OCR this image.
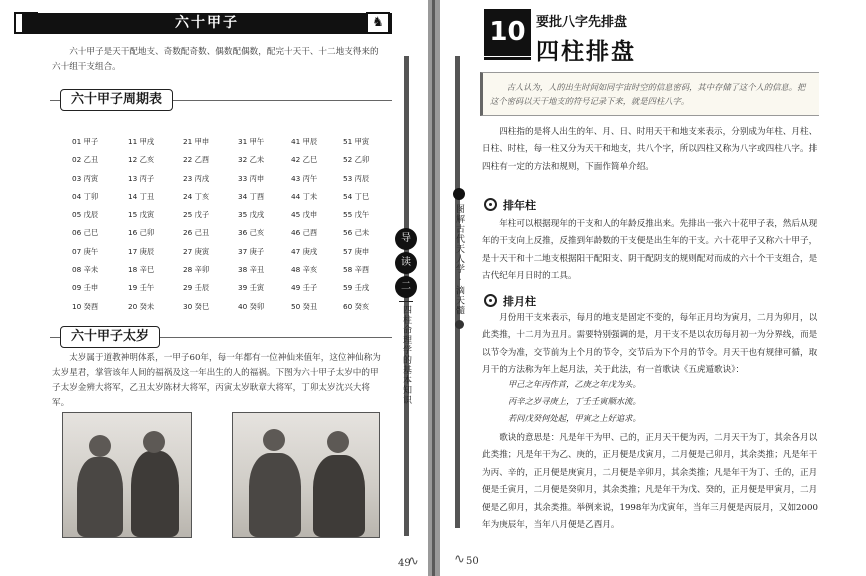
六十甲子	♞
六十甲子是天干配地支、奇数配奇数、偶数配偶数，配完十天干、十二地支得来的六十组干支组合。
六十甲子周期表
01 甲子
02 乙丑
03 丙寅
04 丁卯
05 戊辰
06 己巳
07 庚午
08 辛未
09 壬申
10 癸酉
11 甲戌
12 乙亥
13 丙子
14 丁丑
15 戊寅
16 己卯
17 庚辰
18 辛巳
19 壬午
20 癸未
21 甲申
22 乙酉
23 丙戌
24 丁亥
25 戊子
26 己丑
27 庚寅
28 辛卯
29 壬辰
30 癸巳
31 甲午
32 乙未
33 丙申
34 丁酉
35 戊戌
36 己亥
37 庚子
38 辛丑
39 壬寅
40 癸卯
41 甲辰
42 乙巳
43 丙午
44 丁未
45 戊申
46 己酉
47 庚戌
48 辛亥
49 壬子
50 癸丑
51 甲寅
52 乙卯
53 丙辰
54 丁巳
55 戊午
56 己未
57 庚申
58 辛酉
59 壬戌
60 癸亥
六十甲子太岁
太岁属于道教神明体系，一甲子60年，每一年都有一位神仙来值年，这位神仙称为太岁星君，掌管该年人间的福祸及这一年出生的人的福祸。下图为六十甲子太岁中的甲子太岁金辨大将军，乙丑太岁陈材大将军，丙寅太岁耿章大将军，丁卯太岁沈兴大将军。
导
读
二
四柱命理学的基本知识
49
∿
10 要批八字先排盘
四柱排盘
古人认为，人的出生时间如同宇宙时空的信息密码，其中存储了这个人的信息。把这个密码以天干地支的符号记录下来，就是四柱八字。
图解古代天人学 · 滴天髓
四柱指的是将人出生的年、月、日、时用天干和地支来表示，分别成为年柱、月柱、日柱、时柱，每一柱又分为天干和地支，共八个字，所以四柱又称为八字或四柱八字。排四柱有一定的方法和规则，下面作简单介绍。
排年柱
年柱可以根据现年的干支和人的年龄反推出来。先排出一张六十花甲子表，然后从现年的干支向上反推，反推到年龄数的干支便是出生年的干支。六十花甲子又称六十甲子，是十天干和十二地支根据阳干配阳支、阴干配阴支的规则配对而成的六十个干支组合，是古代纪年月日时的工具。
排月柱
月份用干支来表示，每月的地支是固定不变的，每年正月均为寅月，二月为卯月，以此类推，十二月为丑月。需要特别强调的是，月干支不是以农历每月初一为分界线，而是以节令为准，交节前为上个月的节令，交节后为下个月的节令。月天干也有规律可循，取月干的方法称为年上起月法，关于此法，有一首歌诀《五虎遁歌诀》：
甲己之年丙作首，乙庚之年戊为头。
丙辛之岁寻庚上，丁壬壬寅顺水流。
若问戊癸何处起，甲寅之上好追求。
歌诀的意思是：凡是年干为甲、己的，正月天干便为丙，二月天干为丁，其余各月以此类推；凡是年干为乙、庚的，正月便是戊寅月，二月便是己卯月，其余类推；凡是年干为丙、辛的，正月便是庚寅月，二月便是辛卯月，其余类推；凡是年干为丁、壬的，正月便是壬寅月，二月便是癸卯月，其余类推；凡是年干为戊、癸的，正月便是甲寅月，二月便是乙卯月，其余类推。举例来说，1998年为戊寅年，当年三月便是丙辰月，又如2000年为庚辰年，当年八月便是乙酉月。
∿ 50
